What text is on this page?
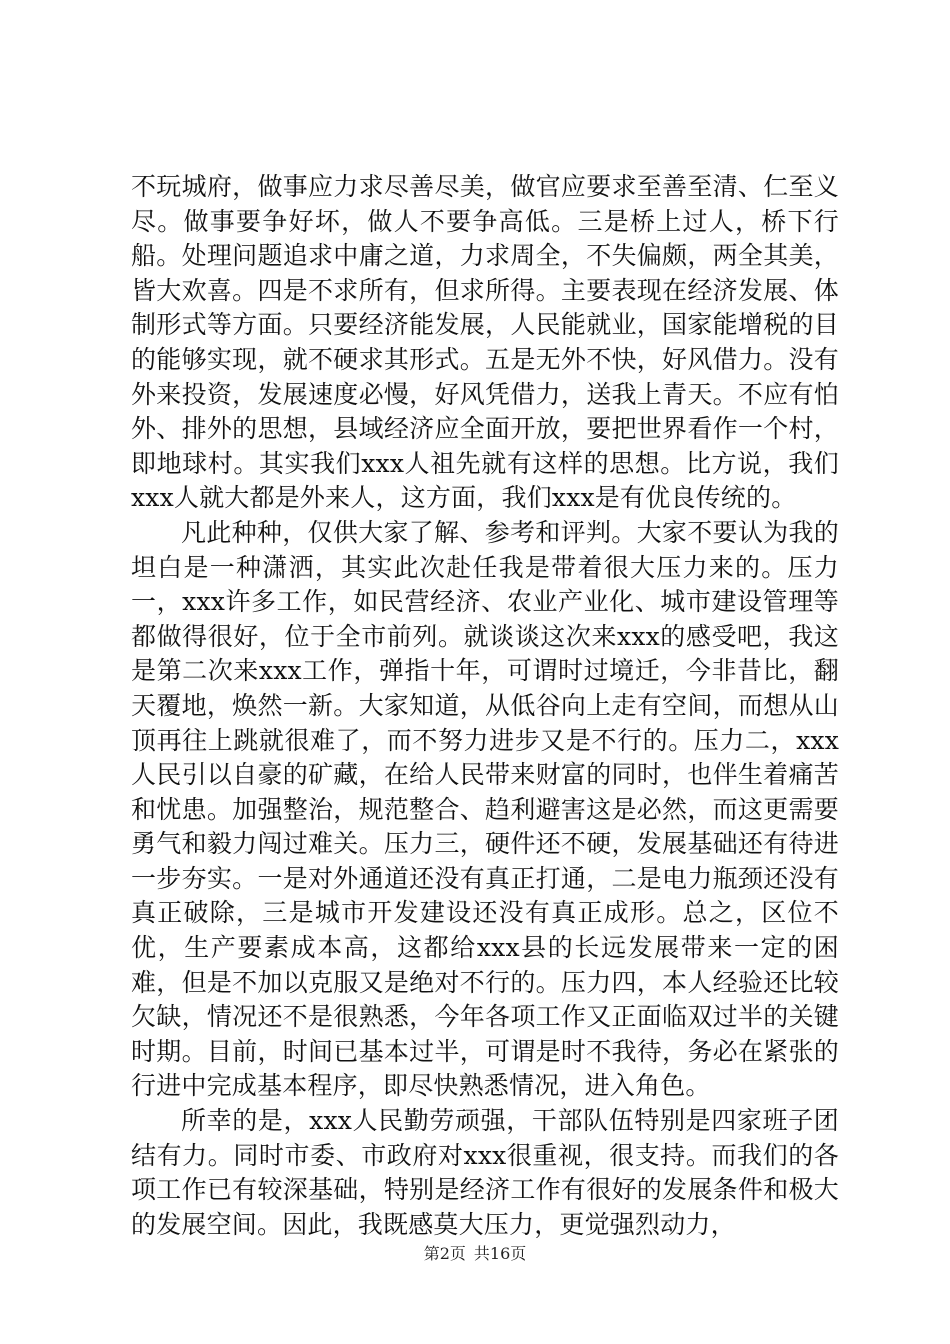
不玩城府，做事应力求尽善尽美，做官应要求至善至清、仁至义尽。做事要争好坏，做人不要争高低。三是桥上过人，桥下行船。处理问题追求中庸之道，力求周全，不失偏颇，两全其美，皆大欢喜。四是不求所有，但求所得。主要表现在经济发展、体制形式等方面。只要经济能发展，人民能就业，国家能增税的目的能够实现，就不硬求其形式。五是无外不快，好风借力。没有外来投资，发展速度必慢，好风凭借力，送我上青天。不应有怕外、排外的思想，县域经济应全面开放，要把世界看作一个村，即地球村。其实我们xxx人祖先就有这样的思想。比方说，我们xxx人就大都是外来人，这方面，我们xxx是有优良传统的。

凡此种种，仅供大家了解、参考和评判。大家不要认为我的坦白是一种潇洒，其实此次赴任我是带着很大压力来的。压力一，xxx许多工作，如民营经济、农业产业化、城市建设管理等都做得很好，位于全市前列。就谈谈这次来xxx的感受吧，我这是第二次来xxx工作，弹指十年，可谓时过境迁，今非昔比，翻天覆地，焕然一新。大家知道，从低谷向上走有空间，而想从山顶再往上跳就很难了，而不努力进步又是不行的。压力二，xxx人民引以自豪的矿藏，在给人民带来财富的同时，也伴生着痛苦和忧患。加强整治，规范整合、趋利避害这是必然，而这更需要勇气和毅力闯过难关。压力三，硬件还不硬，发展基础还有待进一步夯实。一是对外通道还没有真正打通，二是电力瓶颈还没有真正破除，三是城市开发建设还没有真正成形。总之，区位不优，生产要素成本高，这都给xxx县的长远发展带来一定的困难，但是不加以克服又是绝对不行的。压力四，本人经验还比较欠缺，情况还不是很熟悉，今年各项工作又正面临双过半的关键时期。目前，时间已基本过半，可谓是时不我待，务必在紧张的行进中完成基本程序，即尽快熟悉情况，进入角色。

所幸的是，xxx人民勤劳顽强，干部队伍特别是四家班子团结有力。同时市委、市政府对xxx很重视，很支持。而我们的各项工作已有较深基础，特别是经济工作有很好的发展条件和极大的发展空间。因此，我既感莫大压力，更觉强烈动力，

第2页 共16页
